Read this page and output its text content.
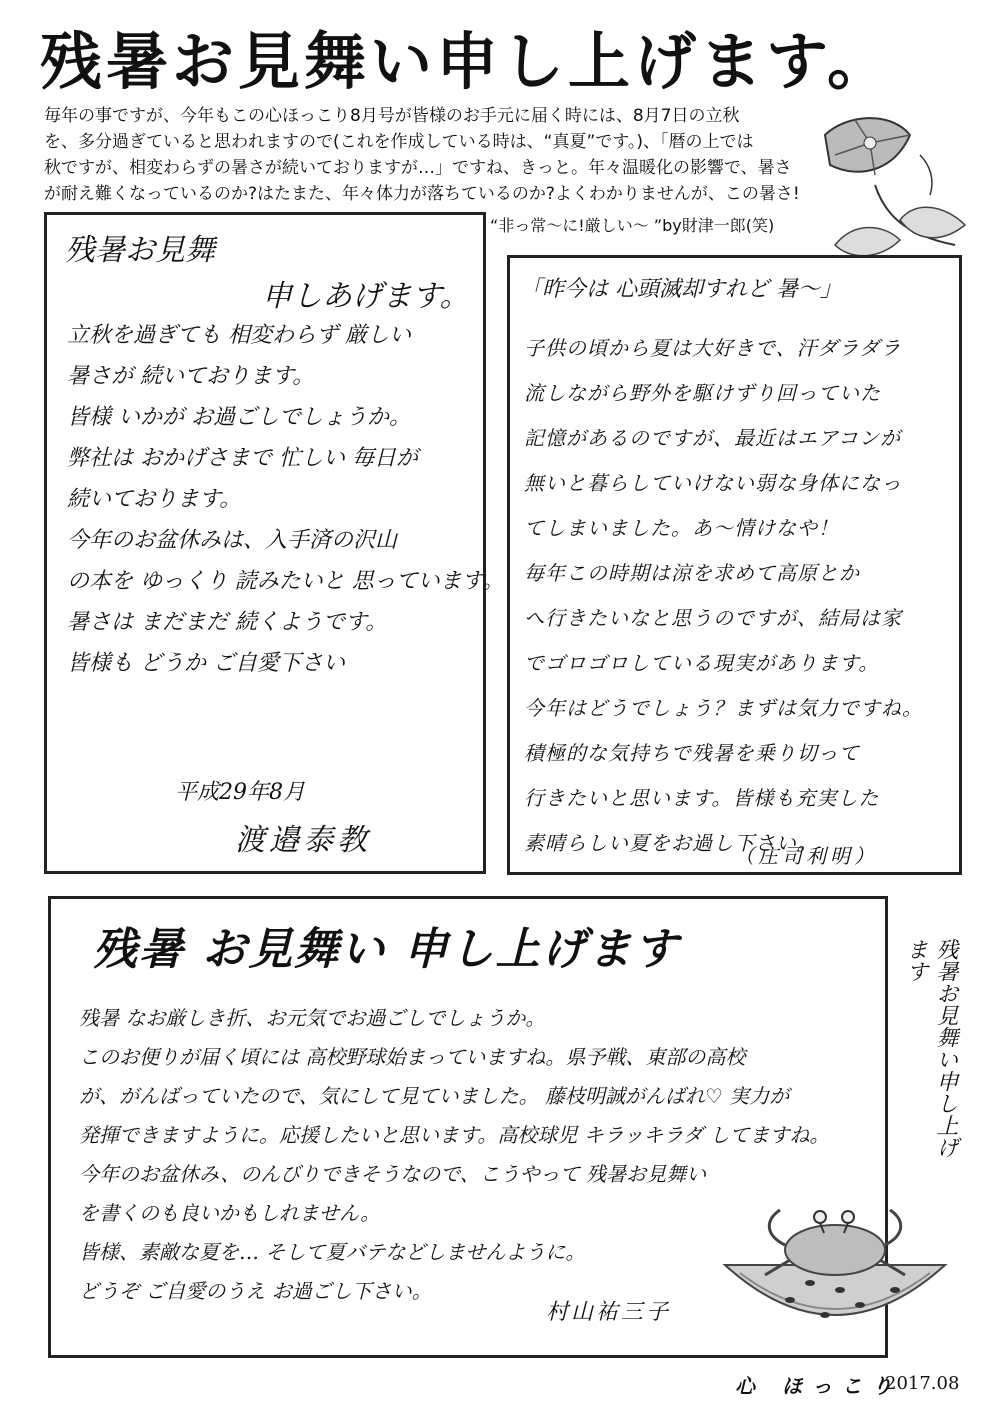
残暑お見舞い申し上げます。

毎年の事ですが、今年もこの心ほっこり8月号が皆様のお手元に届く時には、8月7日の立秋

を、多分過ぎていると思われますので(これを作成している時は、“真夏”です。)、「暦の上では

秋ですが、相変わらずの暑さが続いておりますが…」ですね、きっと。年々温暖化の影響で、暑さ

が耐え難くなっているのか?はたまた、年々体力が落ちているのか?よくわかりませんが、この暑さ!

“非っ常〜に!厳しい〜 ”by財津一郎(笑)
残暑お見舞
申しあげます。

立秋を過ぎても 相変わらず 厳しい

暑さが 続いております。

皆様 いかが お過ごしでしょうか。

弊社は おかげさまで 忙しい 毎日が

続いております。

今年のお盆休みは、入手済の沢山

の本を ゆっくり 読みたいと 思っています。

暑さは まだまだ 続くようです。

皆様も どうか ご自愛下さい

平成29年8月
渡邉泰教
「昨今は 心頭滅却すれど 暑〜」

子供の頃から夏は大好きで、汗ダラダラ

流しながら野外を駆けずり回っていた

記憶があるのですが、最近はエアコンが

無いと暮らしていけない弱な身体になっ

てしまいました。あ〜情けなや！

毎年この時期は涼を求めて高原とか

へ行きたいなと思うのですが、結局は家

でゴロゴロしている現実があります。

今年はどうでしょう？まずは気力ですね。

積極的な気持ちで残暑を乗り切って

行きたいと思います。皆様も充実した

素晴らしい夏をお過し下さい。

（庄司利明）
残暑 お見舞い 申し上げます

残暑 なお厳しき折、お元気でお過ごしでしょうか。

このお便りが届く頃には 高校野球始まっていますね。県予戦、東部の高校

が、がんばっていたので、気にして見ていました。 藤枝明誠がんばれ♡ 実力が

発揮できますように。応援したいと思います。高校球児 キラッキラダ してますね。

今年のお盆休み、のんびりできそうなので、こうやって 残暑お見舞い

を書くのも良いかもしれません。

皆様、素敵な夏を… そして夏バテなどしませんように。

どうぞ ご自愛のうえ お過ごし下さい。

村山祐三子
残暑お見舞い申し上げます
心 ほっこり
2017.08
